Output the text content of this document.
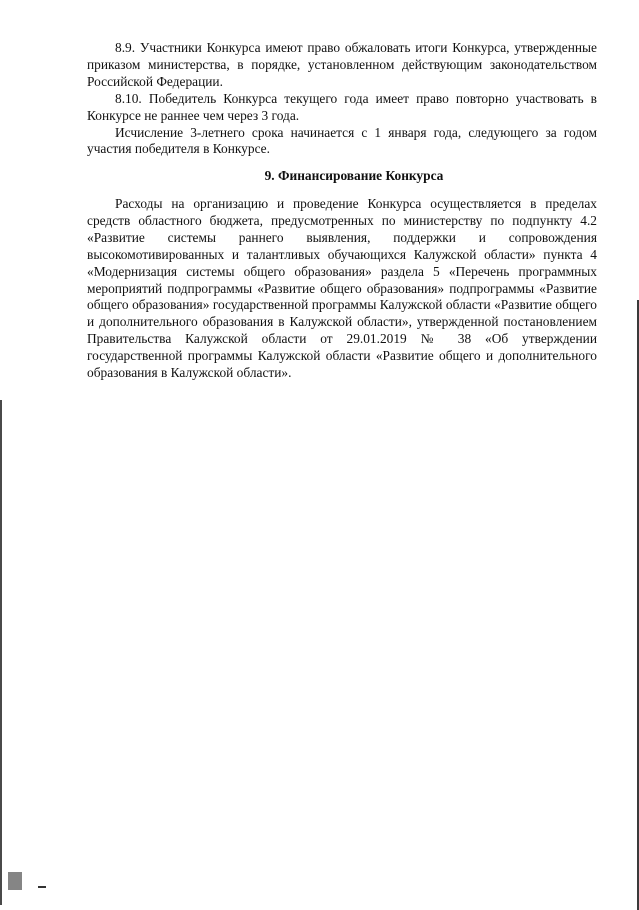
8.9. Участники Конкурса имеют право обжаловать итоги Конкурса, утвержденные приказом министерства, в порядке, установленном действующим законодательством Российской Федерации.

8.10. Победитель Конкурса текущего года имеет право повторно участвовать в Конкурсе не раннее чем через 3 года.

Исчисление 3-летнего срока начинается с 1 января года, следующего за годом участия победителя в Конкурсе.

9. Финансирование Конкурса

Расходы на организацию и проведение Конкурса осуществляется в пределах средств областного бюджета, предусмотренных по министерству по подпункту 4.2 «Развитие системы раннего выявления, поддержки и сопровождения высокомотивированных и талантливых обучающихся Калужской области» пункта 4 «Модернизация системы общего образования» раздела 5 «Перечень программных мероприятий подпрограммы «Развитие общего образования» подпрограммы «Развитие общего образования» государственной программы Калужской области «Развитие общего и дополнительного образования в Калужской области», утвержденной постановлением Правительства Калужской области от 29.01.2019 № 38 «Об утверждении государственной программы Калужской области «Развитие общего и дополнительного образования в Калужской области».
